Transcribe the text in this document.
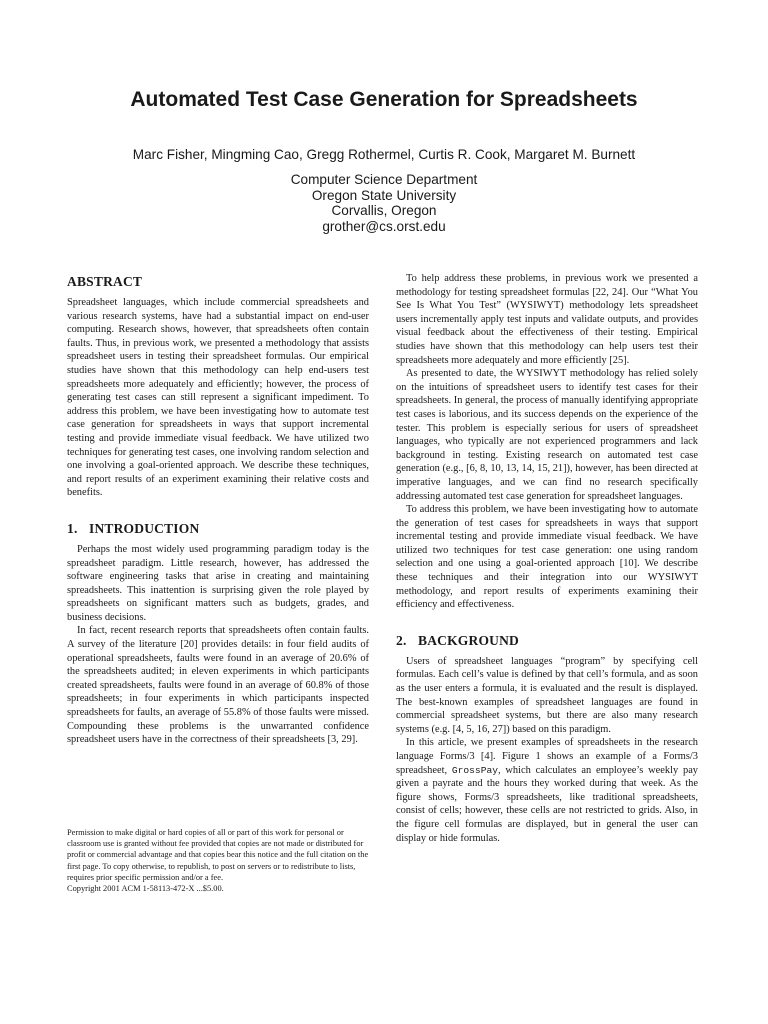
Automated Test Case Generation for Spreadsheets
Marc Fisher, Mingming Cao, Gregg Rothermel, Curtis R. Cook, Margaret M. Burnett
Computer Science Department
Oregon State University
Corvallis, Oregon
grother@cs.orst.edu
ABSTRACT

Spreadsheet languages, which include commercial spreadsheets and various research systems, have had a substantial impact on end-user computing. Research shows, however, that spreadsheets often contain faults. Thus, in previous work, we presented a methodology that assists spreadsheet users in testing their spreadsheet formulas. Our empirical studies have shown that this methodology can help end-users test spreadsheets more adequately and efficiently; however, the process of generating test cases can still represent a significant impediment. To address this problem, we have been investigating how to automate test case generation for spreadsheets in ways that support incremental testing and provide immediate visual feedback. We have utilized two techniques for generating test cases, one involving random selection and one involving a goal-oriented approach. We describe these techniques, and report results of an experiment examining their relative costs and benefits.

1. INTRODUCTION

Perhaps the most widely used programming paradigm today is the spreadsheet paradigm. Little research, however, has addressed the software engineering tasks that arise in creating and maintaining spreadsheets. This inattention is surprising given the role played by spreadsheets on significant matters such as budgets, grades, and business decisions.

In fact, recent research reports that spreadsheets often contain faults. A survey of the literature [20] provides details: in four field audits of operational spreadsheets, faults were found in an average of 20.6% of the spreadsheets audited; in eleven experiments in which participants created spreadsheets, faults were found in an average of 60.8% of those spreadsheets; in four experiments in which participants inspected spreadsheets for faults, an average of 55.8% of those faults were missed. Compounding these problems is the unwarranted confidence spreadsheet users have in the correctness of their spreadsheets [3, 29].

Permission to make digital or hard copies of all or part of this work for personal or classroom use is granted without fee provided that copies are not made or distributed for profit or commercial advantage and that copies bear this notice and the full citation on the first page. To copy otherwise, to republish, to post on servers or to redistribute to lists, requires prior specific permission and/or a fee.
Copyright 2001 ACM 1-58113-472-X ...$5.00.

To help address these problems, in previous work we presented a methodology for testing spreadsheet formulas [22, 24]. Our “What You See Is What You Test” (WYSIWYT) methodology lets spreadsheet users incrementally apply test inputs and validate outputs, and provides visual feedback about the effectiveness of their testing. Empirical studies have shown that this methodology can help users test their spreadsheets more adequately and more efficiently [25].

As presented to date, the WYSIWYT methodology has relied solely on the intuitions of spreadsheet users to identify test cases for their spreadsheets. In general, the process of manually identifying appropriate test cases is laborious, and its success depends on the experience of the tester. This problem is especially serious for users of spreadsheet languages, who typically are not experienced programmers and lack background in testing. Existing research on automated test case generation (e.g., [6, 8, 10, 13, 14, 15, 21]), however, has been directed at imperative languages, and we can find no research specifically addressing automated test case generation for spreadsheet languages.

To address this problem, we have been investigating how to automate the generation of test cases for spreadsheets in ways that support incremental testing and provide immediate visual feedback. We have utilized two techniques for test case generation: one using random selection and one using a goal-oriented approach [10]. We describe these techniques and their integration into our WYSIWYT methodology, and report results of experiments examining their efficiency and effectiveness.

2. BACKGROUND

Users of spreadsheet languages “program” by specifying cell formulas. Each cell’s value is defined by that cell’s formula, and as soon as the user enters a formula, it is evaluated and the result is displayed. The best-known examples of spreadsheet languages are found in commercial spreadsheet systems, but there are also many research systems (e.g. [4, 5, 16, 27]) based on this paradigm.

In this article, we present examples of spreadsheets in the research language Forms/3 [4]. Figure 1 shows an example of a Forms/3 spreadsheet, GrossPay, which calculates an employee’s weekly pay given a payrate and the hours they worked during that week. As the figure shows, Forms/3 spreadsheets, like traditional spreadsheets, consist of cells; however, these cells are not restricted to grids. Also, in the figure cell formulas are displayed, but in general the user can display or hide formulas.
